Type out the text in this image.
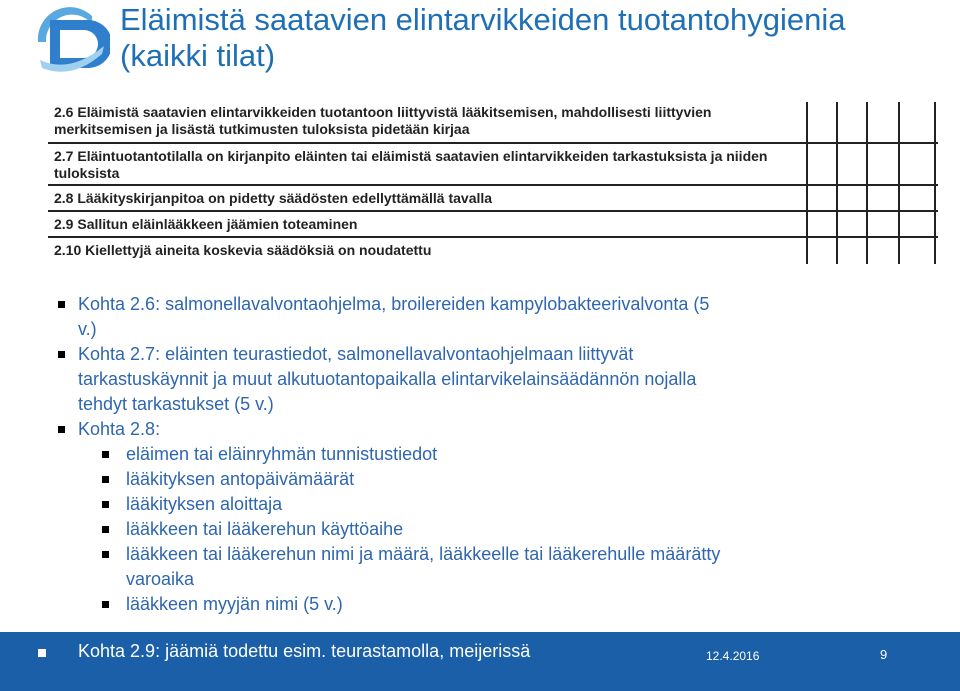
Eläimistä saatavien elintarvikkeiden tuotantohygienia
(kaikki tilat)
2.6 Eläimistä saatavien elintarvikkeiden tuotantoon liittyvistä lääkitsemisen, mahdollisesti liittyvien merkitsemisen ja lisästä tutkimusten tuloksista pidetään kirjaa
2.7 Eläintuotantotilalla on kirjanpito eläinten tai eläimistä saatavien elintarvikkeiden tarkastuksista ja niiden tuloksista
2.8 Lääkityskirjanpitoa on pidetty säädösten edellyttämällä tavalla
2.9 Sallitun eläinlääkkeen jäämien toteaminen
2.10 Kiellettyjä aineita koskevia säädöksiä on noudatettu
Kohta 2.6: salmonellavalvontaohjelma, broilereiden kampylobakteerivalvonta (5
v.)
Kohta 2.7: eläinten teurastiedot, salmonellavalvontaohjelmaan liittyvät
tarkastuskäynnit ja muut alkutuotantopaikalla elintarvikelainsäädännön nojalla
tehdyt tarkastukset (5 v.)
Kohta 2.8:
eläimen tai eläinryhmän tunnistustiedot
lääkityksen antopäivämäärät
lääkityksen aloittaja
lääkkeen tai lääkerehun käyttöaihe
lääkkeen tai lääkerehun nimi ja määrä, lääkkeelle tai lääkerehulle määrätty
varoaika
lääkkeen myyjän nimi (5 v.)
Kohta 2.9: jäämiä todettu esim. teurastamolla, meijerissä	12.4.2016	9
